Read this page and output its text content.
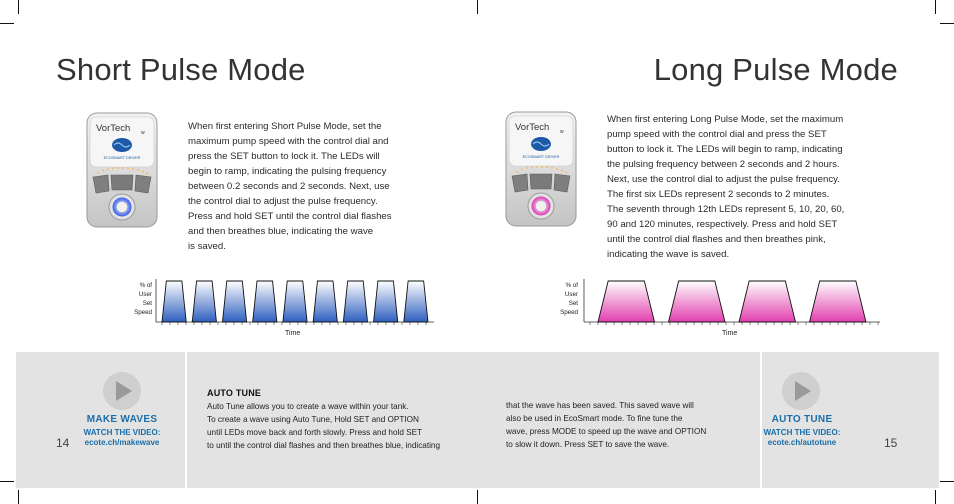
Short Pulse Mode	Long Pulse Mode
VorTech w
ECOSMART DRIVER
VorTech w
ECOSMART DRIVER
When first entering Short Pulse Mode, set the
maximum pump speed with the control dial and
press the SET button to lock it. The LEDs will
begin to ramp, indicating the pulsing frequency
between 0.2 seconds and 2 seconds. Next, use
the control dial to adjust the pulse frequency.
Press and hold SET until the control dial flashes
and then breathes blue, indicating the wave
is saved.
When first entering Long Pulse Mode, set the maximum
pump speed with the control dial and press the SET
button to lock it. The LEDs will begin to ramp, indicating
the pulsing frequency between 2 seconds and 2 hours.
Next, use the control dial to adjust the pulse frequency.
The first six LEDs represent 2 seconds to 2 minutes.
The seventh through 12th LEDs represent 5, 10, 20, 60,
90 and 120 minutes, respectively. Press and hold SET
until the control dial flashes and then breathes pink,
indicating the wave is saved.
% of
User
Set
Speed
Time
% of
User
Set
Speed
Time
MAKE WAVES
WATCH THE VIDEO:
ecote.ch/makewave
14
AUTO TUNE
Auto Tune allows you to create a wave within your tank.
To create a wave using Auto Tune, Hold SET and OPTION
until LEDs move back and forth slowly. Press and hold SET
to until the control dial flashes and then breathes blue, indicating
that the wave has been saved. This saved wave will
also be used in EcoSmart mode. To fine tune the
wave, press MODE to speed up the wave and OPTION
to slow it down. Press SET to save the wave.
AUTO TUNE
WATCH THE VIDEO:
ecote.ch/autotune	15
